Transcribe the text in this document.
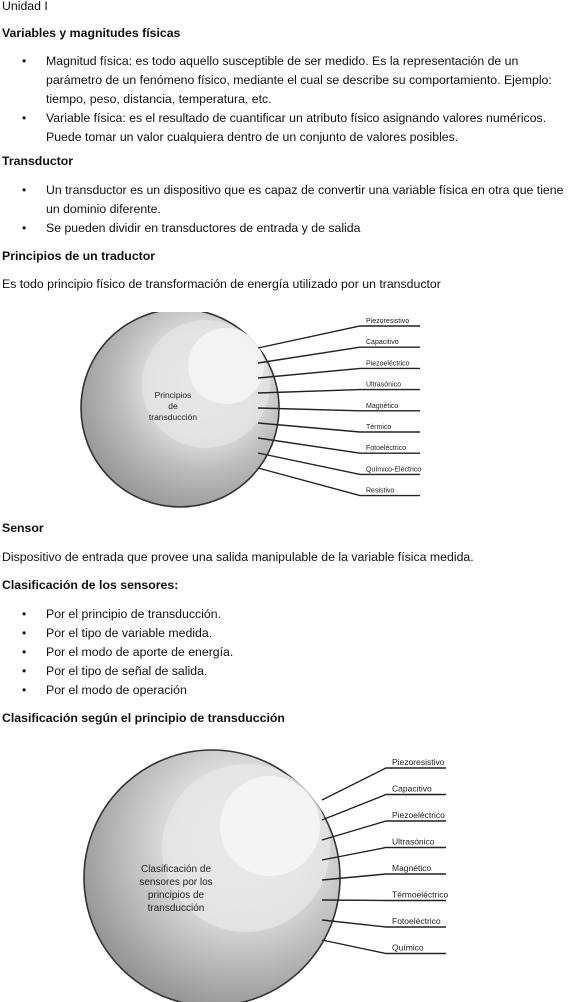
Unidad I
Variables y magnitudes físicas
• Magnitud física: es todo aquello susceptible de ser medido. Es la representación de un
parámetro de un fenómeno físico, mediante el cual se describe su comportamiento. Ejemplo:
tiempo, peso, distancia, temperatura, etc.
• Variable física: es el resultado de cuantificar un atributo físico asignando valores numéricos.
Puede tomar un valor cualquiera dentro de un conjunto de valores posibles.
Transductor
• Un transductor es un dispositivo que es capaz de convertir una variable física en otra que tiene
un dominio diferente.
• Se pueden dividir en transductores de entrada y de salida
Principios de un traductor
Es todo principio físico de transformación de energía utilizado por un transductor
Principios
de
transducción
Piezoresistivo
Capacitivo
Piezoeléctrico
Ultrasónico
Magnético
Térmico
Fotoeléctrico
Químico-Eléctrico
Resistivo
Sensor
Dispositivo de entrada que provee una salida manipulable de la variable física medida.
Clasificación de los sensores:
• Por el principio de transducción.
• Por el tipo de variable medida.
• Por el modo de aporte de energía.
• Por el tipo de señal de salida.
• Por el modo de operación
Clasificación según el principio de transducción
Clasificación de
sensores por los
principios de
transducción
Piezoresistivo
Capacitivo
Piezoeléctrico
Ultrasónico
Magnético
Térmoeléctrico
Fotoeléctrico
Químico
